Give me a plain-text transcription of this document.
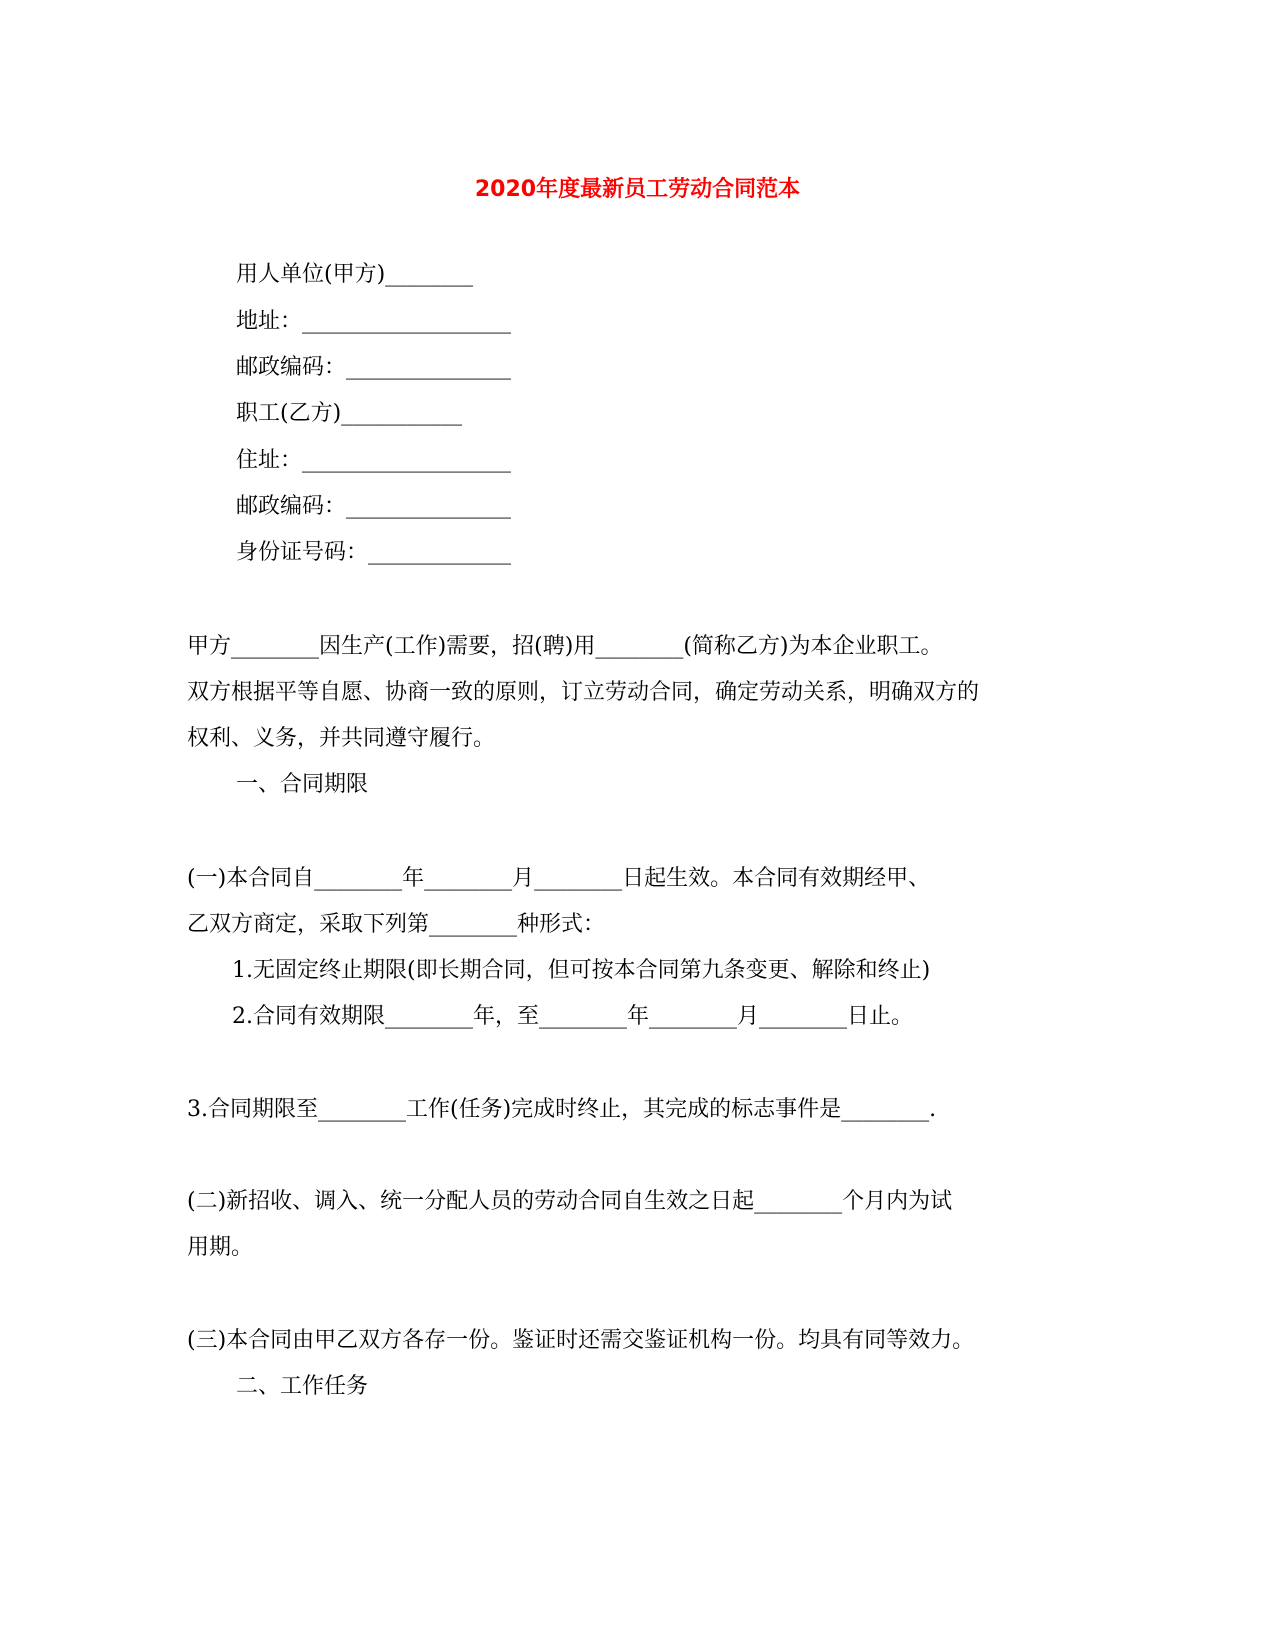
2020年度最新员工劳动合同范本
用人单位(甲方)________
地址：___________________
邮政编码：_______________
职工(乙方)___________
住址：___________________
邮政编码：_______________
身份证号码：_____________
甲方________因生产(工作)需要，招(聘)用________(简称乙方)为本企业职工。
双方根据平等自愿、协商一致的原则，订立劳动合同，确定劳动关系，明确双方的
权利、义务，并共同遵守履行。
一、合同期限
(一)本合同自________年________月________日起生效。本合同有效期经甲、
乙双方商定，采取下列第________种形式：
1.无固定终止期限(即长期合同，但可按本合同第九条变更、解除和终止)
2.合同有效期限________年，至________年________月________日止。
3.合同期限至________工作(任务)完成时终止，其完成的标志事件是________.
(二)新招收、调入、统一分配人员的劳动合同自生效之日起________个月内为试
用期。
(三)本合同由甲乙双方各存一份。鉴证时还需交鉴证机构一份。均具有同等效力。
二、工作任务
